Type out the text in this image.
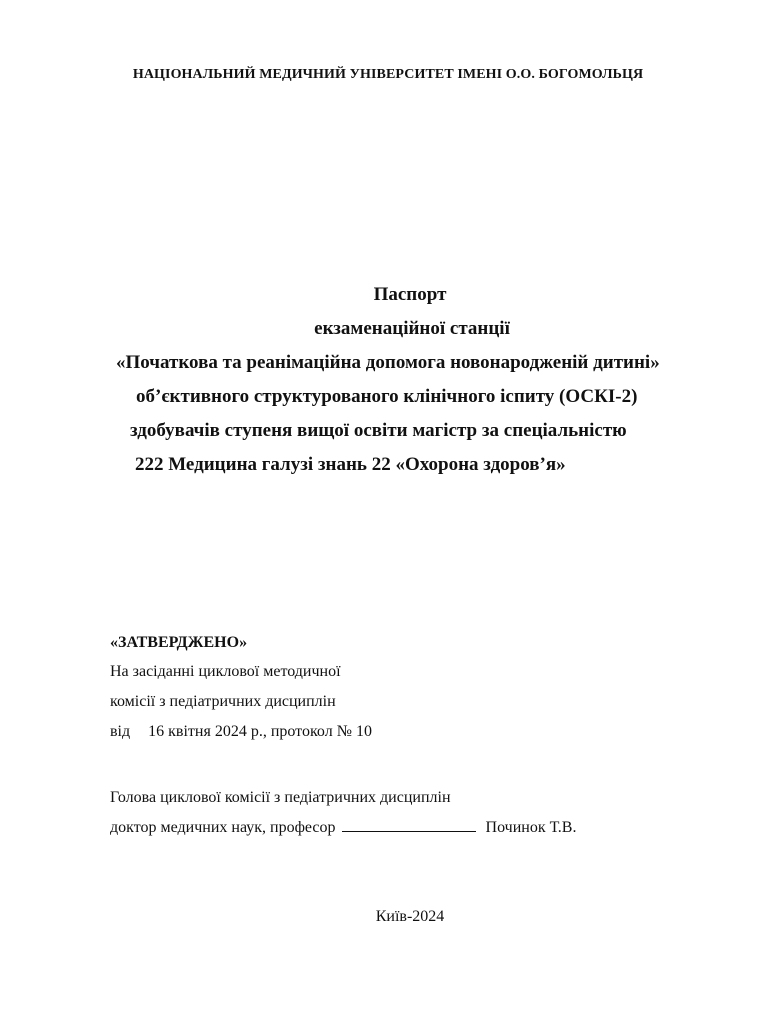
НАЦІОНАЛЬНИЙ МЕДИЧНИЙ УНІВЕРСИТЕТ ІМЕНІ О.О. БОГОМОЛЬЦЯ
Паспорт
екзаменаційної станції
«Початкова та реанімаційна допомога новонародженій дитині»
об’єктивного структурованого клінічного іспиту (ОСКІ-2)
здобувачів ступеня вищої освіти магістр за спеціальністю
222 Медицина галузі знань 22 «Охорона здоров’я»
«ЗАТВЕРДЖЕНО»
На засіданні циклової методичної
комісії з педіатричних дисциплін
від 16 квітня 2024 р., протокол № 10
Голова циклової комісії з педіатричних дисциплін
доктор медичних наук, професор	Починок Т.В.
Київ-2024
